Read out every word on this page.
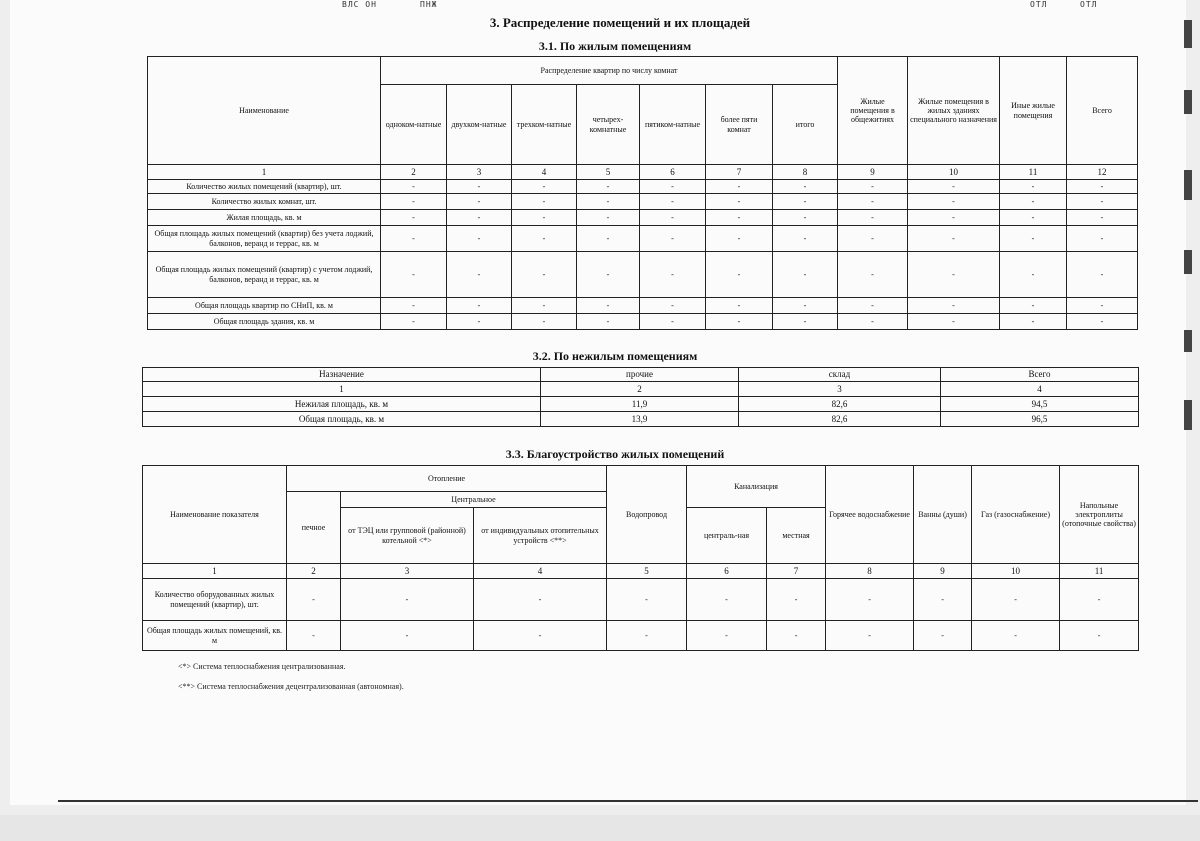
ВЛС ОН	ПНЖ	ОТЛ	ОТЛ
3. Распределение помещений и их площадей
3.1. По жилым помещениям
Наименование	Распределение квартир по числу комнат							Жилые помещения в общежитиях	Жилые помещения в жилых зданиях специального назначения	Иные жилые помещения	Всего
	одноком-натные	двухком-натные	трехком-натные	четырех-комнатные	пятиком-натные	более пяти комнат	итого				
1	2	3	4	5	6	7	8	9	10	11	12
Количество жилых помещений (квартир), шт.	-	-	-	-	-	-	-	-	-	-	-
Количество жилых комнат, шт.	-	-	-	-	-	-	-	-	-	-	-
Жилая площадь, кв. м	-	-	-	-	-	-	-	-	-	-	-
Общая площадь жилых помещений (квартир) без учета лоджий, балконов, веранд и террас, кв. м	-	-	-	-	-	-	-	-	-	-	-
Общая площадь жилых помещений (квартир) с учетом лоджий, балконов, веранд и террас, кв. м	-	-	-	-	-	-	-	-	-	-	-
Общая площадь квартир по СНиП, кв. м	-	-	-	-	-	-	-	-	-	-	-
Общая площадь здания, кв. м	-	-	-	-	-	-	-	-	-	-	-
3.2. По нежилым помещениям
Назначение	прочие	склад	Всего
1	2	3	4
Нежилая площадь, кв. м	11,9	82,6	94,5
Общая площадь, кв. м	13,9	82,6	96,5
3.3. Благоустройство жилых помещений
Наименование показателя	Отопление			Водопровод	Канализация		Горячее водоснабжение	Ванны (души)	Газ (газоснабжение)	Напольные электроплиты (отопочные свойства)
	печное	Центральное								
		от ТЭЦ или групповой (районной) котельной <*>	от индивидуальных отопительных устройств <**>		централь-ная	местная				
1	2	3	4	5	6	7	8	9	10	11
Количество оборудованных жилых помещений (квартир), шт.	-	-	-	-	-	-	-	-	-	-
Общая площадь жилых помещений, кв. м	-	-	-	-	-	-	-	-	-	-
<*> Система теплоснабжения централизованная.
<**> Система теплоснабжения децентрализованная (автономная).
